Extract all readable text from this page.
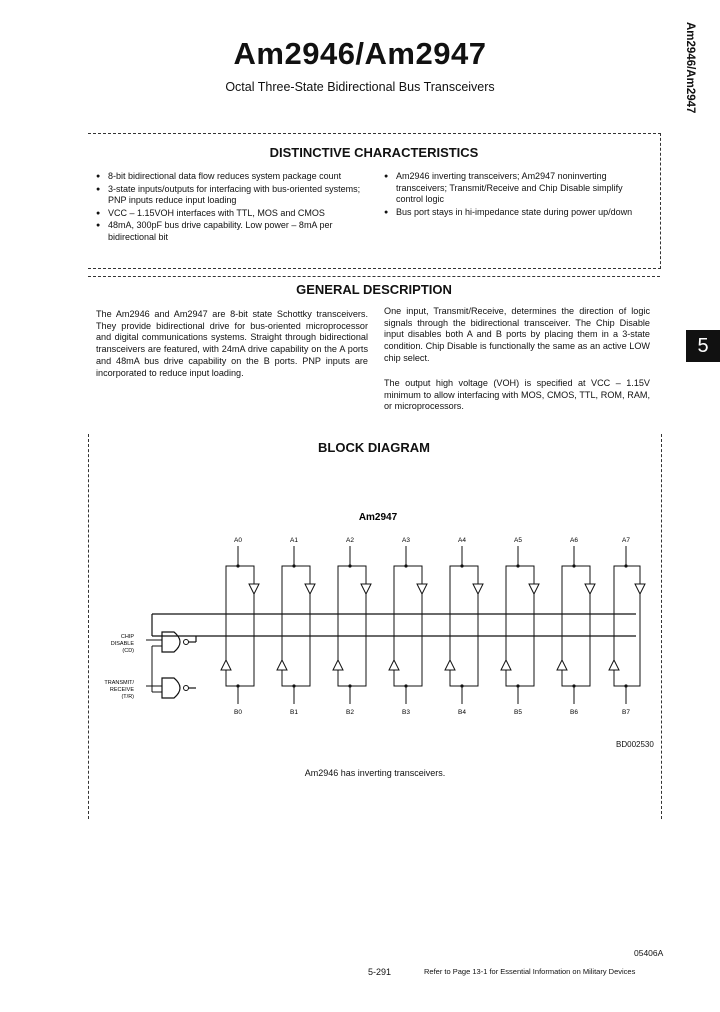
Am2946/Am2947
Octal Three-State Bidirectional Bus Transceivers	Am2946/Am2947
5
DISTINCTIVE CHARACTERISTICS
● 8-bit bidirectional data flow reduces system package count
● 3-state inputs/outputs for interfacing with bus-oriented systems; PNP inputs reduce input loading
● VCC – 1.15VOH interfaces with TTL, MOS and CMOS
● 48mA, 300pF bus drive capability. Low power – 8mA per bidirectional bit
● Am2946 inverting transceivers; Am2947 noninverting transceivers; Transmit/Receive and Chip Disable simplify control logic
● Bus port stays in hi-impedance state during power up/down
GENERAL DESCRIPTION
The Am2946 and Am2947 are 8-bit state Schottky transceivers. They provide bidirectional drive for bus-oriented microprocessor and digital communications systems. Straight through bidirectional transceivers are featured, with 24mA drive capability on the A ports and 48mA bus drive capability on the B ports. PNP inputs are incorporated to reduce input loading.
One input, Transmit/Receive, determines the direction of logic signals through the bidirectional transceiver. The Chip Disable input disables both A and B ports by placing them in a 3-state condition. Chip Disable is functionally the same as an active LOW chip select.
The output high voltage (VOH) is specified at VCC – 1.15V minimum to allow interfacing with MOS, CMOS, TTL, ROM, RAM, or microprocessors.
BLOCK DIAGRAM
Am2947
CHIP
DISABLE
(CD)
TRANSMIT/
RECEIVE
(T/R)
A0
B0
A1
B1
A2
B2
A3
B3
A4
B4
A5
B5
A6
B6
A7
B7
BD002530
Am2946 has inverting transceivers.
05406A
5-291	Refer to Page 13-1 for Essential Information on Military Devices
